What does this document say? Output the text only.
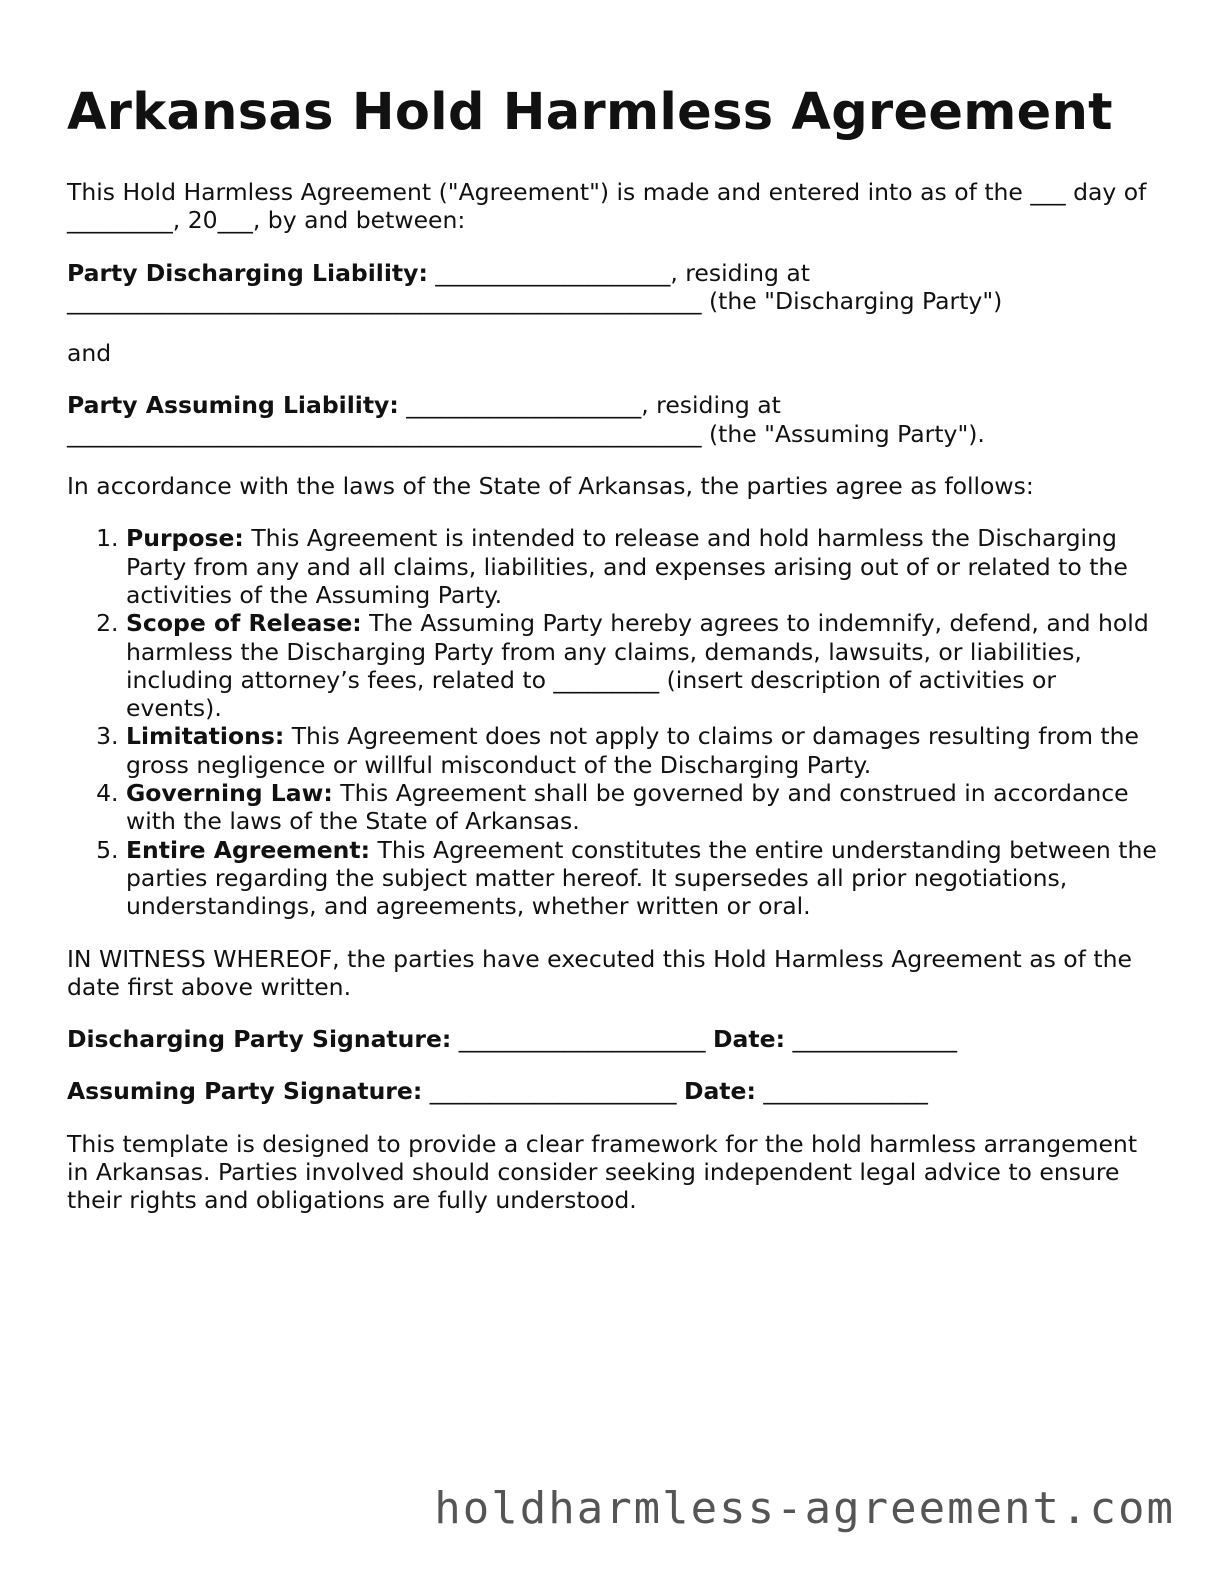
Arkansas Hold Harmless Agreement

This Hold Harmless Agreement ("Agreement") is made and entered into as of the ___ day of _________, 20___, by and between:

Party Discharging Liability: ____________________, residing at ______________________________________________________ (the "Discharging Party")

and

Party Assuming Liability: ____________________, residing at ______________________________________________________ (the "Assuming Party").

In accordance with the laws of the State of Arkansas, the parties agree as follows:

1. Purpose: This Agreement is intended to release and hold harmless the Discharging Party from any and all claims, liabilities, and expenses arising out of or related to the activities of the Assuming Party.
2. Scope of Release: The Assuming Party hereby agrees to indemnify, defend, and hold harmless the Discharging Party from any claims, demands, lawsuits, or liabilities, including attorney’s fees, related to _________ (insert description of activities or events).
3. Limitations: This Agreement does not apply to claims or damages resulting from the gross negligence or willful misconduct of the Discharging Party.
4. Governing Law: This Agreement shall be governed by and construed in accordance with the laws of the State of Arkansas.
5. Entire Agreement: This Agreement constitutes the entire understanding between the parties regarding the subject matter hereof. It supersedes all prior negotiations, understandings, and agreements, whether written or oral.

IN WITNESS WHEREOF, the parties have executed this Hold Harmless Agreement as of the date first above written.

Discharging Party Signature: _____________________ Date: ______________

Assuming Party Signature: _____________________ Date: ______________

This template is designed to provide a clear framework for the hold harmless arrangement in Arkansas. Parties involved should consider seeking independent legal advice to ensure their rights and obligations are fully understood.

holdharmless-agreement.com
